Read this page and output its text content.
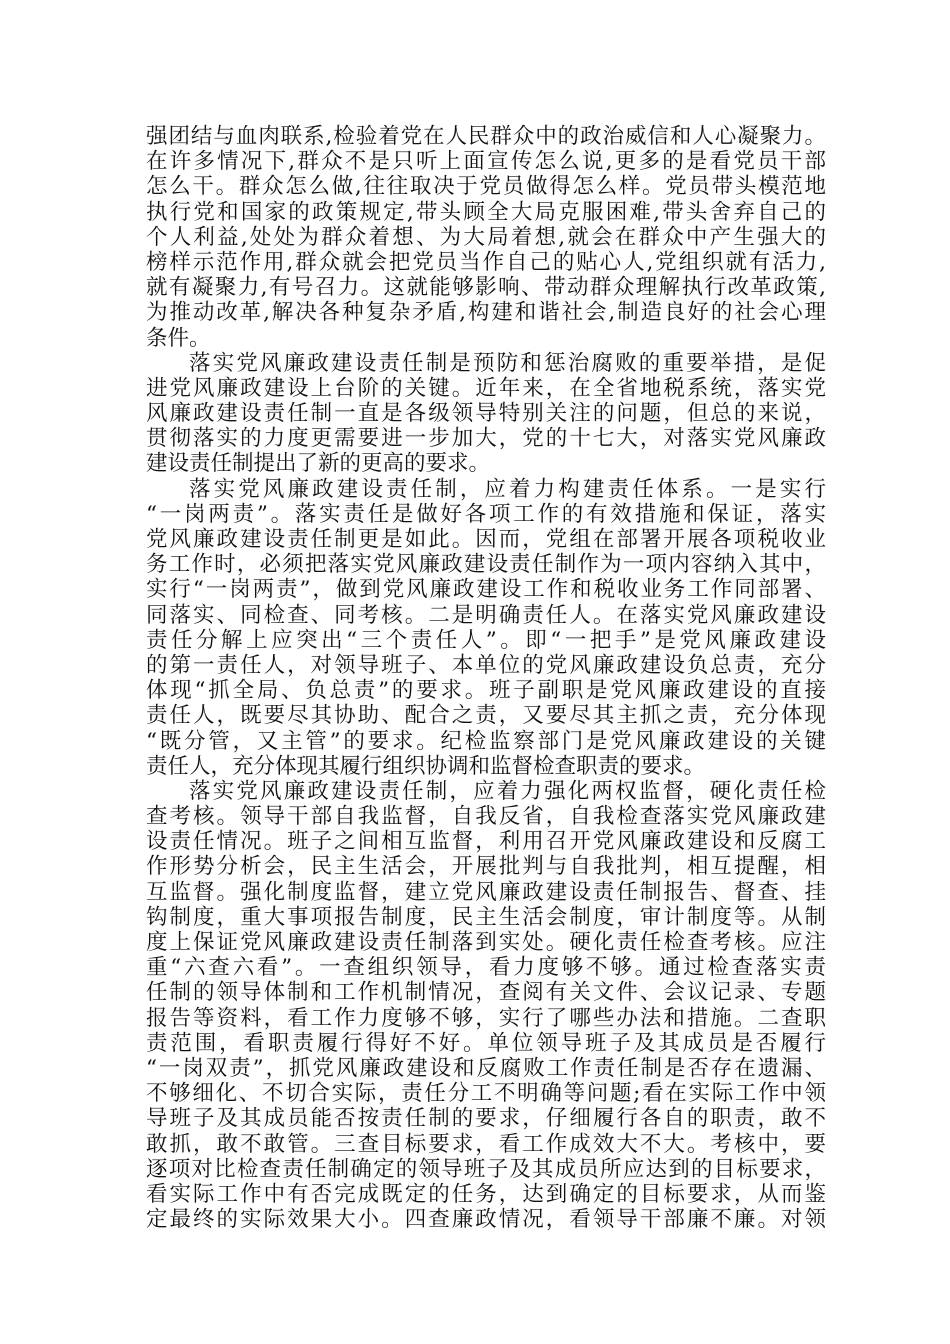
强团结与血肉联系,检验着党在人民群众中的政治威信和人心凝聚力。
在许多情况下,群众不是只听上面宣传怎么说,更多的是看党员干部
怎么干。群众怎么做,往往取决于党员做得怎么样。党员带头模范地
执行党和国家的政策规定,带头顾全大局克服困难,带头舍弃自己的
个人利益,处处为群众着想、为大局着想,就会在群众中产生强大的
榜样示范作用,群众就会把党员当作自己的贴心人,党组织就有活力,
就有凝聚力,有号召力。这就能够影响、带动群众理解执行改革政策,
为推动改革,解决各种复杂矛盾,构建和谐社会,制造良好的社会心理
条件。
落实党风廉政建设责任制是预防和惩治腐败的重要举措，是促
进党风廉政建设上台阶的关键。近年来，在全省地税系统，落实党
风廉政建设责任制一直是各级领导特别关注的问题，但总的来说，
贯彻落实的力度更需要进一步加大，党的十七大，对落实党风廉政
建设责任制提出了新的更高的要求。
落实党风廉政建设责任制，应着力构建责任体系。一是实行
“一岗两责”。落实责任是做好各项工作的有效措施和保证，落实
党风廉政建设责任制更是如此。因而，党组在部署开展各项税收业
务工作时，必须把落实党风廉政建设责任制作为一项内容纳入其中，
实行“一岗两责”，做到党风廉政建设工作和税收业务工作同部署、
同落实、同检查、同考核。二是明确责任人。在落实党风廉政建设
责任分解上应突出“三个责任人”。即“一把手”是党风廉政建设
的第一责任人，对领导班子、本单位的党风廉政建设负总责，充分
体现“抓全局、负总责”的要求。班子副职是党风廉政建设的直接
责任人，既要尽其协助、配合之责，又要尽其主抓之责，充分体现
“既分管，又主管”的要求。纪检监察部门是党风廉政建设的关键
责任人，充分体现其履行组织协调和监督检查职责的要求。
落实党风廉政建设责任制，应着力强化两权监督，硬化责任检
查考核。领导干部自我监督，自我反省，自我检查落实党风廉政建
设责任情况。班子之间相互监督，利用召开党风廉政建设和反腐工
作形势分析会，民主生活会，开展批判与自我批判，相互提醒，相
互监督。强化制度监督，建立党风廉政建设责任制报告、督查、挂
钩制度，重大事项报告制度，民主生活会制度，审计制度等。从制
度上保证党风廉政建设责任制落到实处。硬化责任检查考核。应注
重“六查六看”。一查组织领导，看力度够不够。通过检查落实责
任制的领导体制和工作机制情况，查阅有关文件、会议记录、专题
报告等资料，看工作力度够不够，实行了哪些办法和措施。二查职
责范围，看职责履行得好不好。单位领导班子及其成员是否履行
“一岗双责”，抓党风廉政建设和反腐败工作责任制是否存在遗漏、
不够细化、不切合实际，责任分工不明确等问题;看在实际工作中领
导班子及其成员能否按责任制的要求，仔细履行各自的职责，敢不
敢抓，敢不敢管。三查目标要求，看工作成效大不大。考核中，要
逐项对比检查责任制确定的领导班子及其成员所应达到的目标要求，
看实际工作中有否完成既定的任务，达到确定的目标要求，从而鉴
定最终的实际效果大小。四查廉政情况，看领导干部廉不廉。对领
